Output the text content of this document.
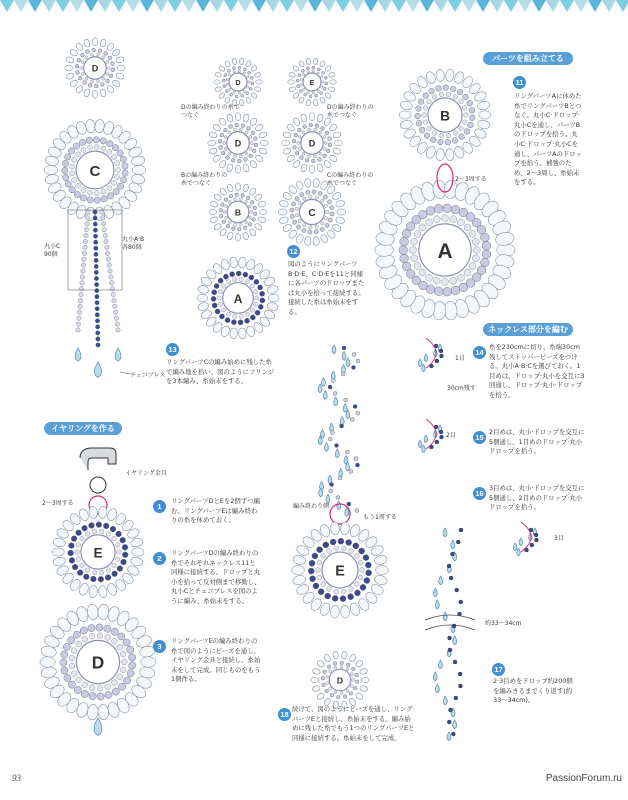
D
C
D
D
B
A
E
D
C
B
A
E
D
E
D
パーツを組み立てる
ネックレス部分を編む
イヤリングを作る
Dの編み終わりの糸でつなぐ
Dの編み終わりの糸でつなぐ
Bの編み終わりの糸でつなぐ
Cの編み終わりの糸でつなぐ
丸小C
90個
丸小A·B
各80個
チェコブレス
2〜3周する
イヤリング金具
2〜3周する	編み終わり側
もう1周する
1目
30cm残す
2目
3目
約33〜34cm
11
リングパーツAに休めた糸でリングパーツBとつなぐ。丸小C·ドロップ·丸小Cを通し、パーツBのドロップを拾う。丸小C·ドロップ·丸小Cを通し、パーツAのドロップを拾う。補強のため、2〜3周し、糸始末をする。
12
図のようにリングパーツB·D·E、C·D·Eを11と同様に各パーツのドロップまたは丸小を拾って接続する。接続した糸は糸始末をする。
13
リングパーツCの編み始めに残した糸で編み地を拾い、図のようにフリンジを3本編み、糸始末をする。
14
糸を230cmに切り、糸端30cm残してストッパービーズをつける。丸小A·B·Cを選びておく。1目めは、ドロップ·丸小を交互に3回通し、ドロップ·丸小·ドロップを拾う。
15
2目めは、丸小·ドロップを交互に5個通し、1目めのドロップ·丸小ドロップを拾う。
16
3目めは、丸小·ドロップを交互に5個通し、2目めのドロップ·丸小ドロップを拾う。
17
2·3目めをドロップ約200個を編みきるまでくり返す(約33〜34cm)。
18
続けて、図のようにビーズを通し、リングパーツEと接続し、糸始末をする。編み始めに残した糸でもう1つのリングパーツEと同様に接続する。糸始末をして完成。
1
リングパーツDとEを2個ずつ編む。リングパーツEは編み終わりの糸を休めておく。
2
リングパーツDの編み終わりの糸でそれぞれネックレス11と同様に接続する。ドロップと丸小を拾って反対側まで移動し、丸小Cとチェコブレスを図のように編み、糸始末をする。
3
リングパーツEの編み終わりの糸で図のようにビーズを通し、イヤリング金具と接続し、糸始末をして完成。同じものをもう1個作る。
93	PassionForum.ru
